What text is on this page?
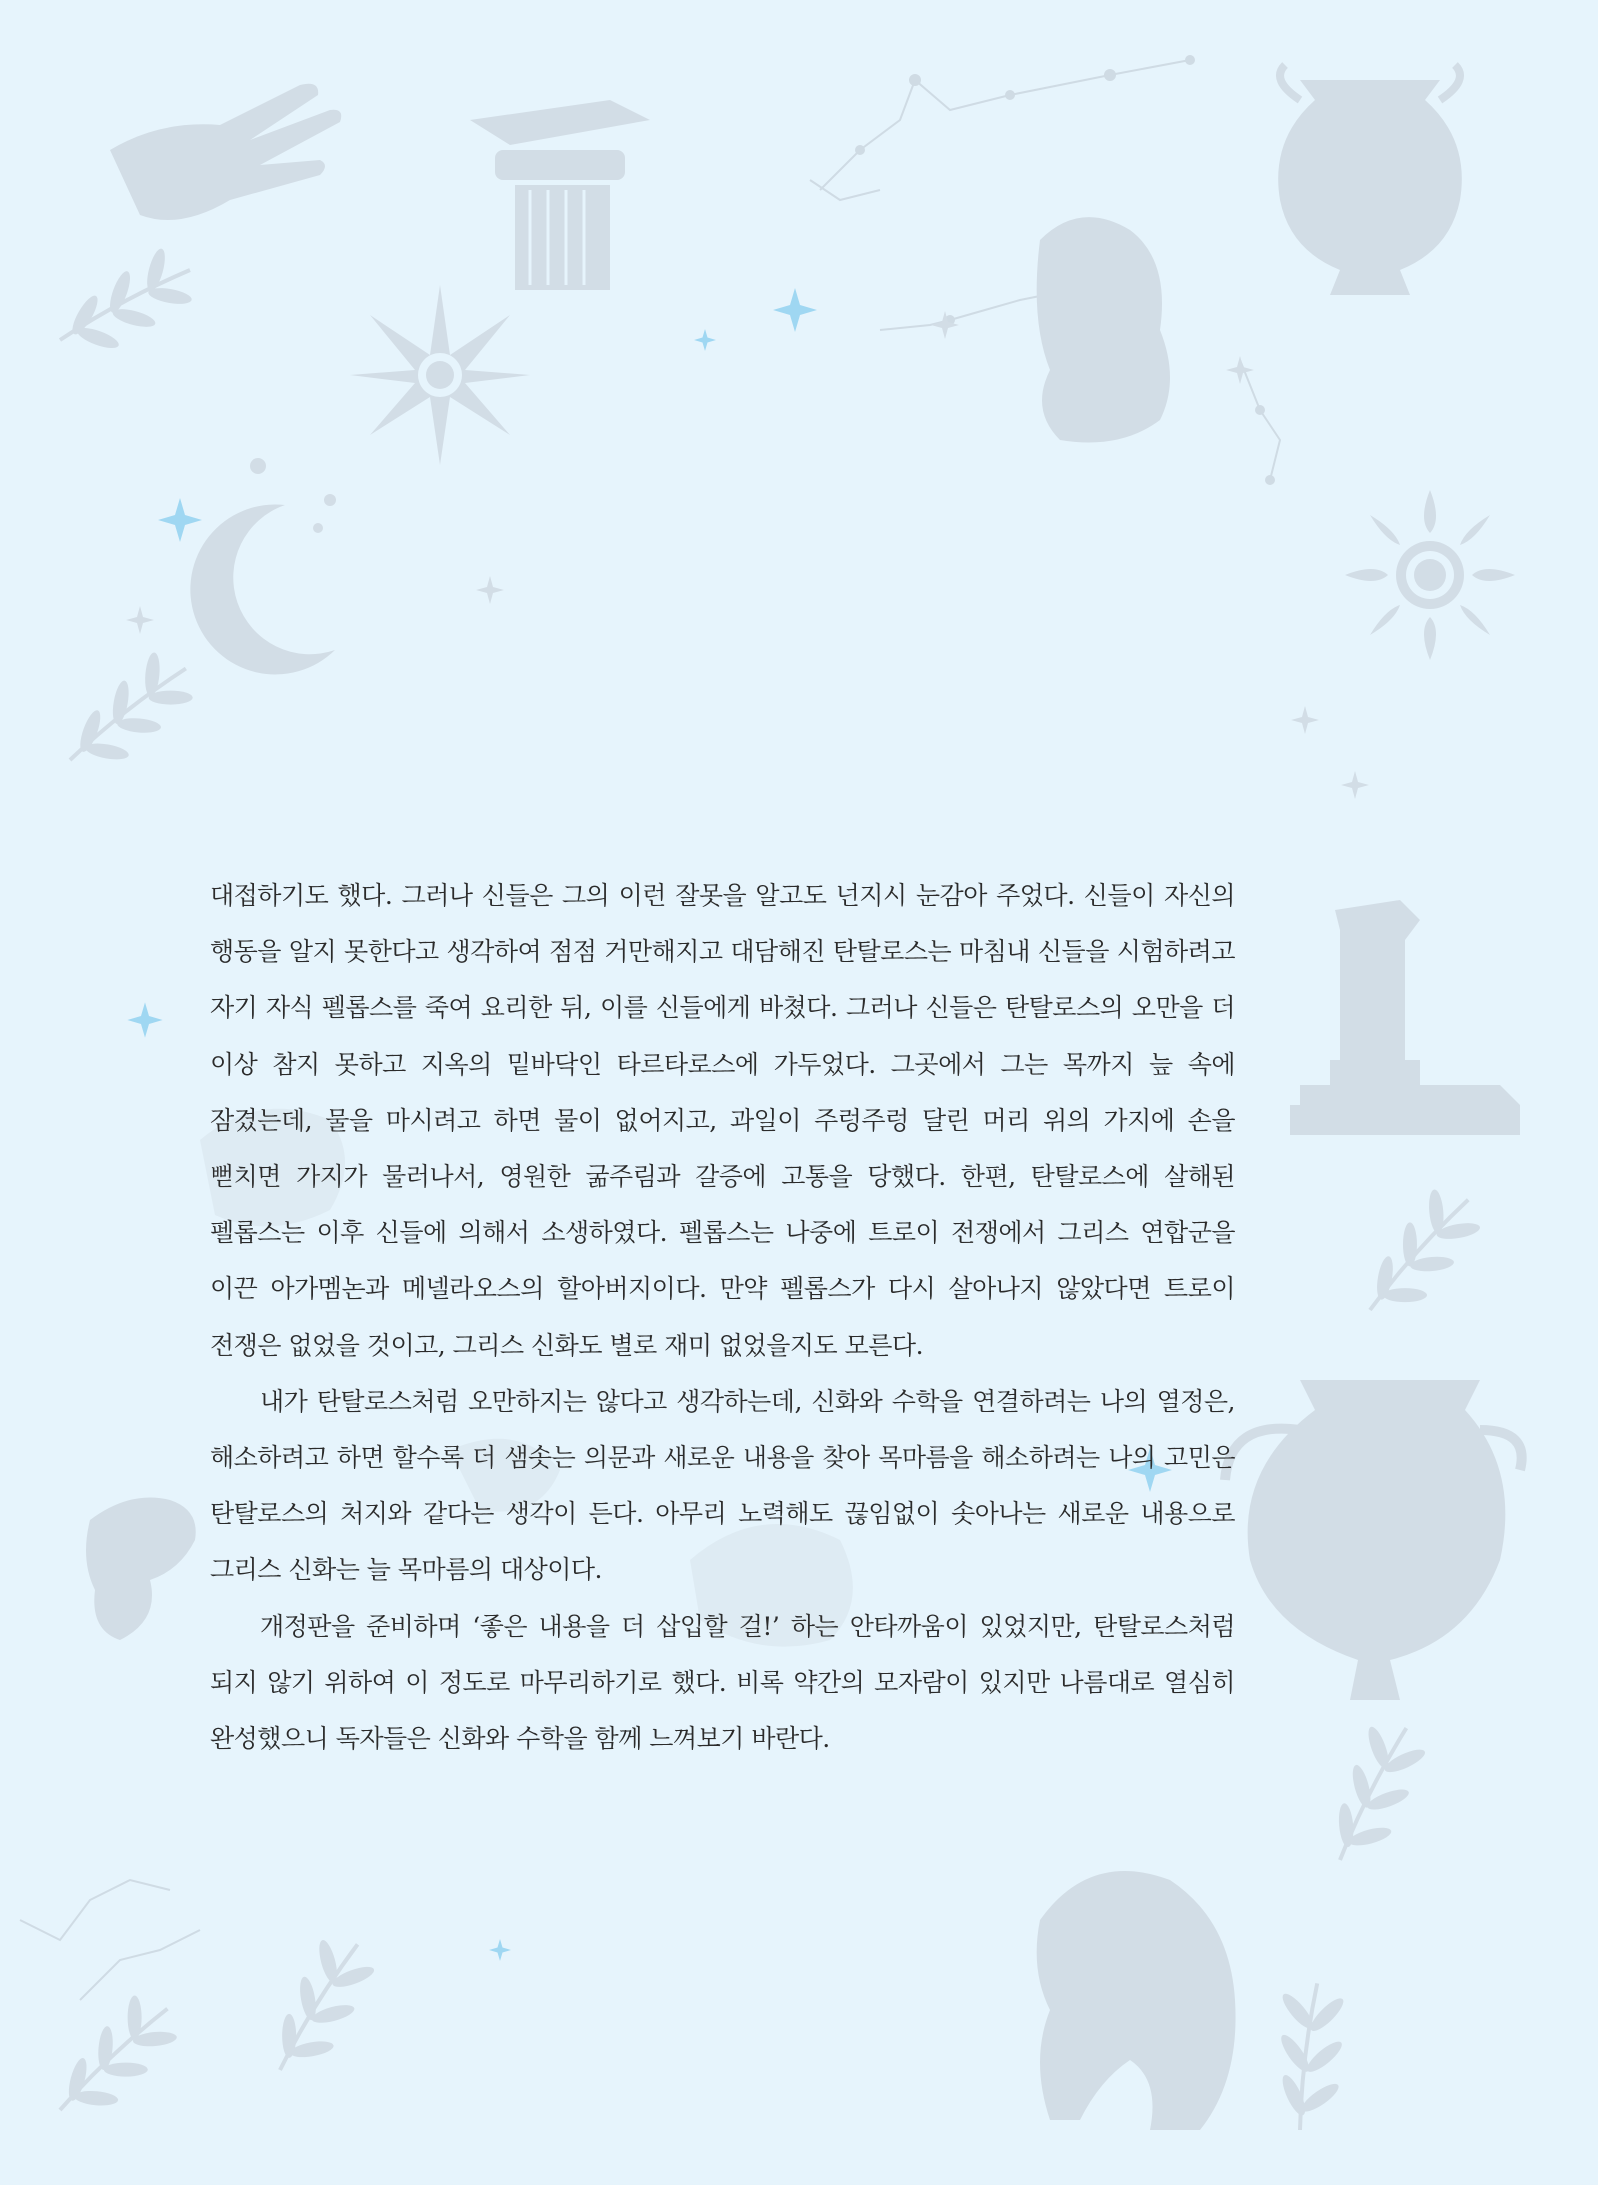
대접하기도 했다. 그러나 신들은 그의 이런 잘못을 알고도 넌지시 눈감아 주었다. 신들이 자신의 행동을 알지 못한다고 생각하여 점점 거만해지고 대담해진 탄탈로스는 마침내 신들을 시험하려고 자기 자식 펠롭스를 죽여 요리한 뒤, 이를 신들에게 바쳤다. 그러나 신들은 탄탈로스의 오만을 더 이상 참지 못하고 지옥의 밑바닥인 타르타로스에 가두었다. 그곳에서 그는 목까지 늪 속에 잠겼는데, 물을 마시려고 하면 물이 없어지고, 과일이 주렁주렁 달린 머리 위의 가지에 손을 뻗치면 가지가 물러나서, 영원한 굶주림과 갈증에 고통을 당했다. 한편, 탄탈로스에 살해된 펠롭스는 이후 신들에 의해서 소생하였다. 펠롭스는 나중에 트로이 전쟁에서 그리스 연합군을 이끈 아가멤논과 메넬라오스의 할아버지이다. 만약 펠롭스가 다시 살아나지 않았다면 트로이 전쟁은 없었을 것이고, 그리스 신화도 별로 재미 없었을지도 모른다.

내가 탄탈로스처럼 오만하지는 않다고 생각하는데, 신화와 수학을 연결하려는 나의 열정은, 해소하려고 하면 할수록 더 샘솟는 의문과 새로운 내용을 찾아 목마름을 해소하려는 나의 고민은 탄탈로스의 처지와 같다는 생각이 든다. 아무리 노력해도 끊임없이 솟아나는 새로운 내용으로 그리스 신화는 늘 목마름의 대상이다.

개정판을 준비하며 ‘좋은 내용을 더 삽입할 걸!’ 하는 안타까움이 있었지만, 탄탈로스처럼 되지 않기 위하여 이 정도로 마무리하기로 했다. 비록 약간의 모자람이 있지만 나름대로 열심히 완성했으니 독자들은 신화와 수학을 함께 느껴보기 바란다.
